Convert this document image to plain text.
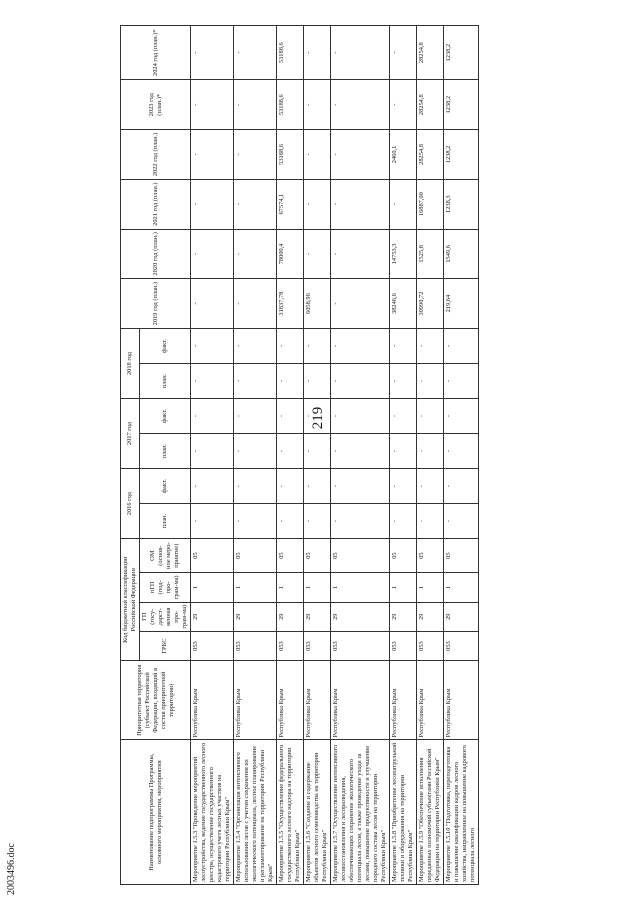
219
Наименование подпрограммы Программы, основного мероприятия, мероприятия	Приоритетная территория (субъект Российской Федерации, входящий в состав приоритетной территории)	Код бюджетной классификации Российской Федерации				2016 год		2017 год		2018 год		2019 год (план.)	2020 год (план.)	2021 год (план.)	2022 год (план.)	2023 год (план.)*	2024 год (план.)*
		ГРБС	ГП (госу-дарст-венная про-грам-ма)	пГП (под-про-грам-ма)	ОМ (основ-ное меро-приятие)	план.	факт.	план.	факт.	план.	факт.						

Мероприятие 1.5.3 "Проведение мероприятий лесоустройства, ведение государственного лесного реестра, осуществление государственного кадастрового учета лесных участков на территории Республики Крым"	Республика Крым	053	29	1	05	-	-	-	-	-	-	-	-	-	-	-	-
Мероприятие 1.5.4 "Организация интенсивного использования лесов с учетом сохранения их экологического потенциала, лесное планирование и регламентирование на территории Республики Крым"	Республика Крым	053	29	1	05	-	-	-	-	-	-	-	-	-	-	-	-
Мероприятие 1.5.5 "Осуществление федерального государственного лесного надзора на территории Республики Крым"	Республика Крым	053	29	1	05	-	-	-	-	-	-	31837,78	78009,4	67574,1	53188,6	53188,6	53188,6
Мероприятие 1.5.6 "Создание и содержание объектов лесного семеноводства на территории Республики Крым"	Республика Крым	053	29	1	05	-	-	-	-	-	-	6058,96	-	-	-	-	-
Мероприятие 1.5.7 "Осуществление интенсивного лесовосстановления и лесоразведения, обеспечивающих сохранение экологического потенциала лесов, а также проведение ухода за лесами, повышение продуктивности и улучшение породного состава лесов на территории Республики Крым"	Республика Крым	053	29	1	05	-	-	-	-	-	-	-	-	-	-	-	-
Мероприятие 1.5.8 "Приобретение лесопатрульной техники и оборудования на территории Республики Крым"	Республика Крым	053	29	1	05	-	-	-	-	-	-	38246,6	14753,3	-	2460,1	-	-
Мероприятие 1.5.9 "Обеспечение исполнения переданных полномочий субъектами Российской Федерации на территории Республики Крым"	Республика Крым	053	29	1	05	-	-	-	-	-	-	30990,72	1525,8	16887,00	28254,8	28254,8	28254,8
Мероприятие 1.5.10 "Подготовка, переподготовка и повышение квалификации кадров лесного хозяйства, направленное на повышение кадрового потенциала лесного	Республика Крым	053	29	1	05	-	-	-	-	-	-	219,64	1549,6	1238,3	1238,2	1238,2	1238,2
2003496.doc
